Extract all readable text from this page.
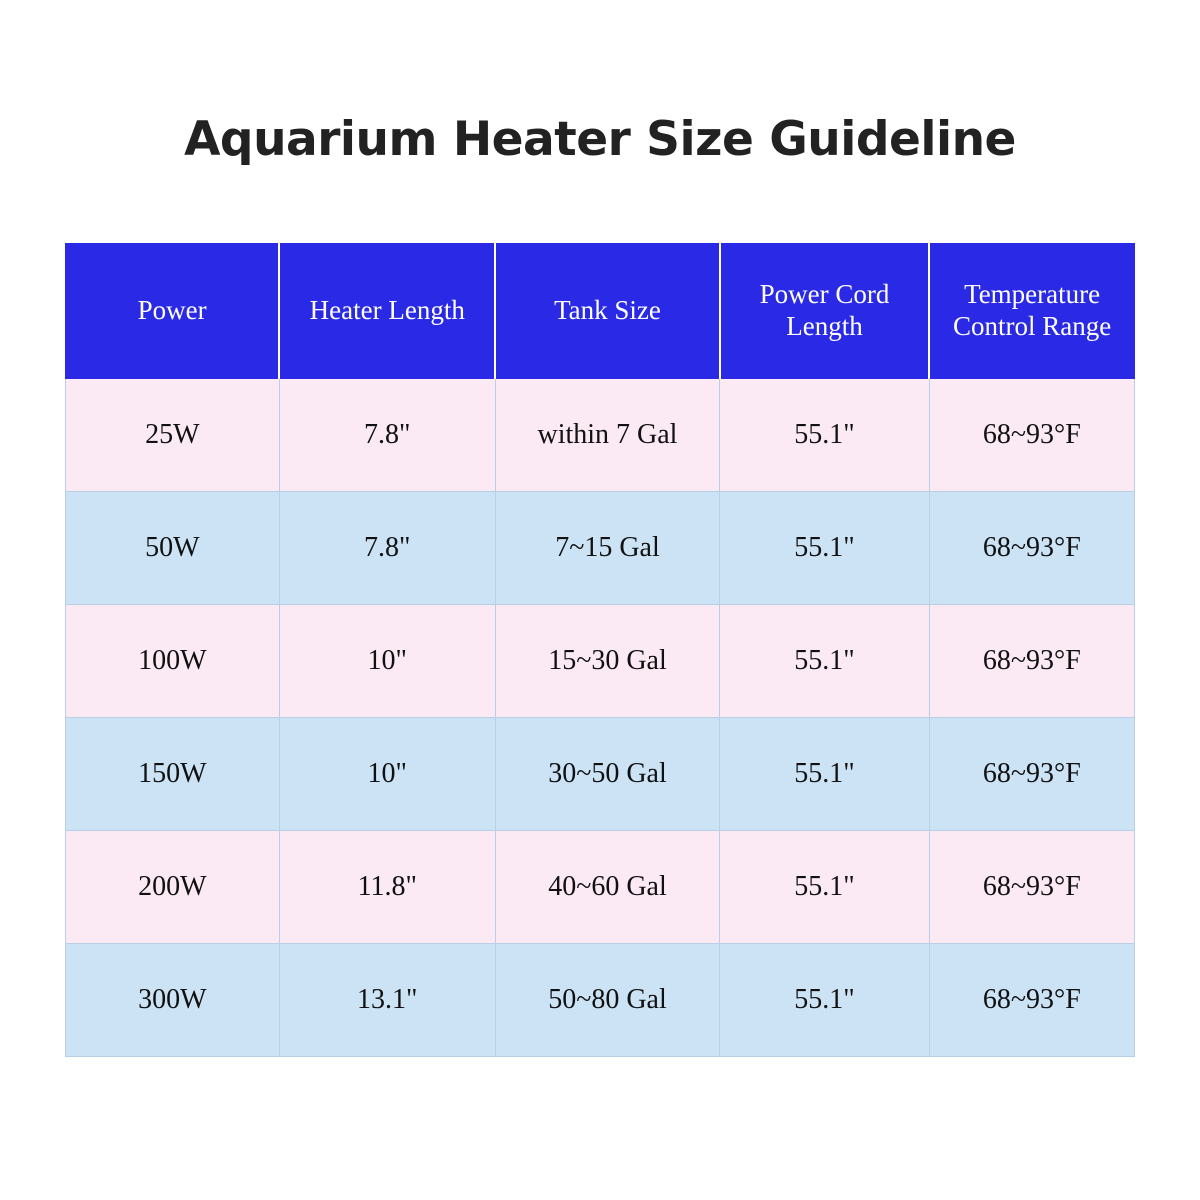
Aquarium Heater Size Guideline
Power	Heater Length	Tank Size	Power Cord Length	Temperature Control Range
25W	7.8"	within 7 Gal	55.1"	68~93°F
50W	7.8"	7~15 Gal	55.1"	68~93°F
100W	10"	15~30 Gal	55.1"	68~93°F
150W	10"	30~50 Gal	55.1"	68~93°F
200W	11.8"	40~60 Gal	55.1"	68~93°F
300W	13.1"	50~80 Gal	55.1"	68~93°F
